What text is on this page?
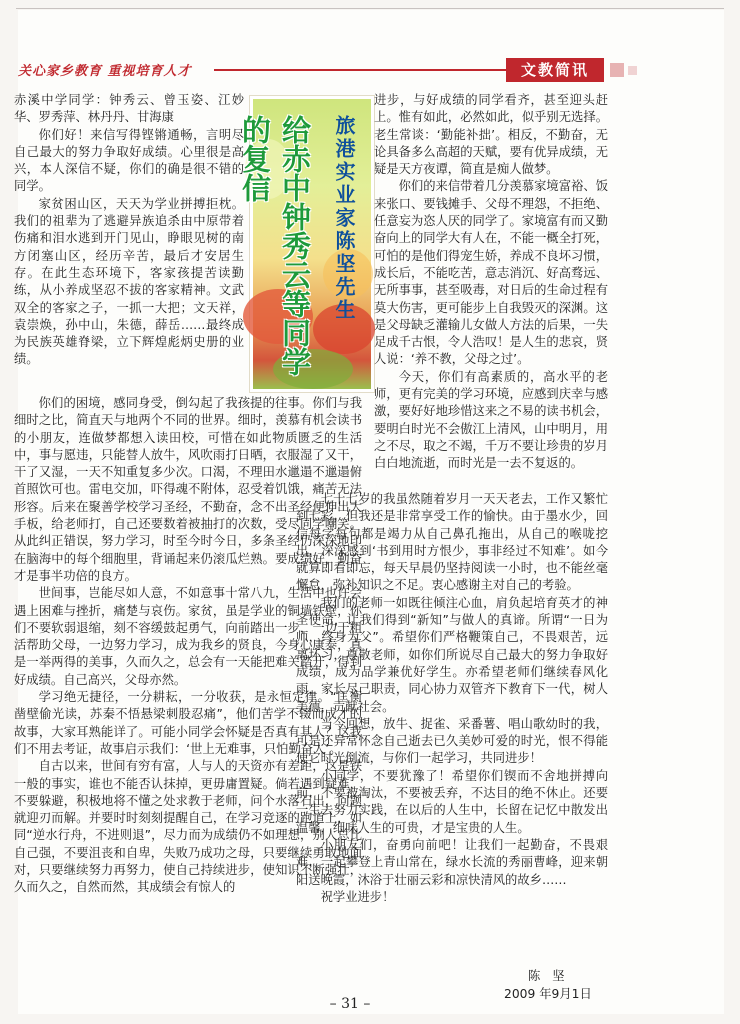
关心家乡教育 重视培育人才	文教简讯
旅港实业家陈坚先生
给赤中钟秀云等同学的复信

赤溪中学同学：钟秀云、曾玉姿、江妙华、罗秀萍、林丹丹、甘海康

你们好！来信写得铿锵通畅，言明尽自己最大的努力争取好成绩。心里很是高兴，本人深信不疑，你们的确是很不错的同学。

家贫困山区，天天为学业拼搏拒枕。我们的祖辈为了逃避异族追杀由中原带着伤痛和泪水逃到开门见山，睁眼见树的南方闭塞山区，经历辛苦，最后才安居生存。在此生态环境下，客家孩提苦读勤练，从小养成坚忍不拔的客家精神。文武双全的客家之子，一抓一大把；文天祥，袁崇焕，孙中山，朱德，薛岳……最终成为民族英雄脊梁，立下辉煌彪炳史册的业绩。

你们的困境，感同身受，倒勾起了我孩提的往事。你们与我细时之比，简直天与地两个不同的世界。细时，羡慕有机会读书的小朋友，连做梦都想入读田校，可惜在如此物质匮乏的生活中，事与愿违，只能替人放牛，风吹雨打日晒，衣服湿了又干，干了又湿，一天不知重复多少次。口渴，不理田水邋遢不邋遢俯首照饮可也。雷电交加，吓得魂不附体，忍受着饥饿，痛苦无法形容。后来在聚善学校学习圣经，不勤奋，念不出圣经便伸出大手板，给老师打，自己还要数着被抽打的次数，受尽同学嘲笑。从此纠正错误，努力学习，时至今时今日，多条圣经仍深深地印在脑海中的每个细胞里，背诵起来仍滚瓜烂熟。要成绩好，勤奋才是事半功倍的良方。

世间事，岂能尽如人意，不如意事十常八九，生活中也许会遇上困难与挫折，痛楚与哀伤。家贫，虽是学业的铜墙铁壁，你们不要软弱退缩，刻不容缓鼓起勇气，向前踏出一步，一边干粗活帮助父母，一边努力学习，成为我乡的贤良，今身心康泰，真是一举两得的美事，久而久之，总会有一天能把难关踏开，得到好成绩。自己高兴，父母亦然。

学习绝无捷径，一分耕耘，一分收获，是永恒定律。“匡衡凿壁偷光读，苏秦不悟悬梁刺股忍痛”，他们苦学不辍而成才的故事，大家耳熟能详了。可能小同学会怀疑是否真有其人？这我们不用去考证，故事启示我们：‘世上无难事，只怕勤奋人’。

自古以来，世间有穷有富，人与人的天资亦有差距，这是铁一般的事实，谁也不能否认抹掉，更毋庸置疑。倘若遇到疑难，不要躲避，积极地将不懂之处求教于老师，问个水落石出，问题就迎刃而解。并要时时刻刻提醒自己，在学习竞逐的跑道上，如同“逆水行舟，不进则退”，尽力而为成绩仍不如理想，别人总比自己强，不要沮丧和自卑，失败乃成功之母，只要继续勇敢地面对，只要继续努力再努力，使自己持续进步，使知识不断强壮，久而久之，自然而然，其成绩会有惊人的

进步，与好成绩的同学看齐，甚至迎头赶上。惟有如此，必然如此，似乎别无选择。老生常谈：‘勤能补拙’。相反，不勤奋，无论具备多么高超的天赋，要有优异成绩，无疑是天方夜谭，简直是痴人做梦。

你们的来信带着几分羡慕家境富裕、饭来张口、要钱摊手、父母不理怨，不拒绝、任意妄为恣人厌的同学了。家境富有而又勤奋向上的同学大有人在，不能一概全打死，可怕的是他们得宠生娇，养成不良坏习惯，成长后，不能吃苦，意志消沉、好高骛远、无所事事，甚至吸毒，对日后的生命过程有莫大伤害，更可能步上自我毁灭的深渊。这是父母缺乏灌输儿女做人方法的后果，一失足成千古恨，令人浩叹！是人生的悲哀，贤人说：‘养不教，父母之过’。

今天，你们有高素质的，高水平的老师，更有完美的学习环境，应感到庆幸与感激，要好好地珍惜这来之不易的读书机会，要明白时光不会傲江上清风，山中明月，用之不尽，取之不竭，千万不要让珍贵的岁月白白地流逝，而时光是一去不复返的。

七十七岁的我虽然随着岁月一天天老去，工作又繁忙到七彩，但我还是非常享受工作的愉快。由于墨水少，回信每字每句都是竭力从自己鼻孔拖出，从自己的喉咙挖出，深深感到‘书到用时方恨少，事非经过不知难’。如今就算即看即忘，每天早晨仍坚持阅读一小时，也不能丝毫懈怠，弥补知识之不足。衷心感谢主对自己的考验。

我们的老师一如既往倾注心血，肩负起培育英才的神圣使命，让我们得到“新知”与做人的真谛。所谓“一日为师，终身为父”。希望你们严格鞭策自己，不畏艰苦，远离坏习，尊敬老师，如你们所说尽自己最大的努力争取好成绩，成为品学兼优好学生。亦希望老师们继续春风化雨，家长尽己职责，同心协力双管齐下教育下一代，树人美德，贡献社会。

当今回想，放牛、捉雀、采番薯、唱山歌幼时的我，可是还异常怀念自己逝去已久美妙可爱的时光，恨不得能使它时光倒流，与你们一起学习，共同进步！

小同学，不要犹豫了！希望你们锲而不舍地拼搏向前，不要被淘汰，不要被丢弃，不达目的绝不休止。还要一生去努力实践，在以后的人生中，长留在记忆中散发出温馨，细味人生的可贵，才是宝贵的人生。

小朋友们，奋勇向前吧！让我们一起勤奋，不畏艰难，一起攀登上青山常在，绿水长流的秀丽曹峰，迎来朝阳送晚霞，沐浴于壮丽云彩和凉快清风的故乡……

祝学业进步！

陈 坚
2009 年9月1日
– 31 –
